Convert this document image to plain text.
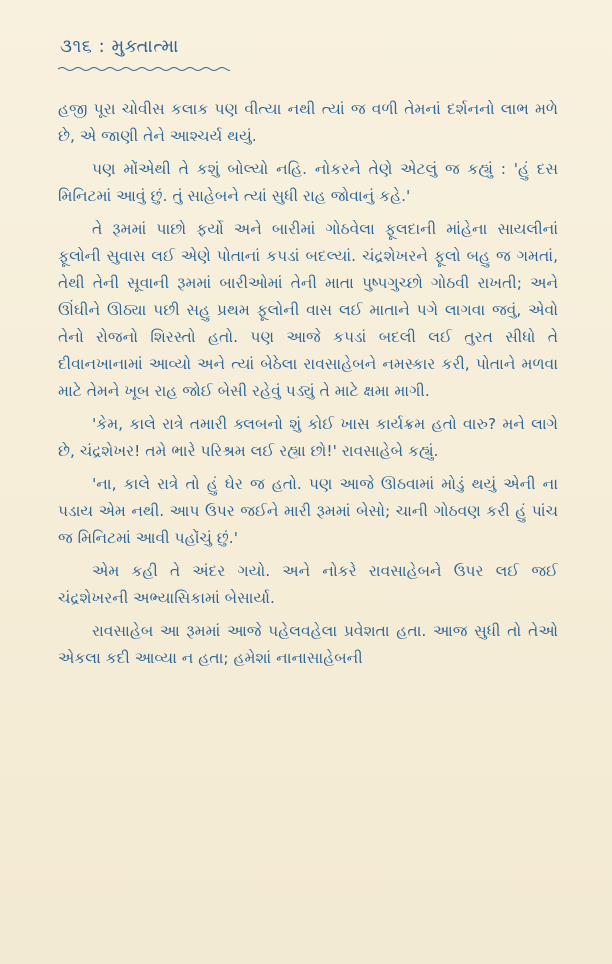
૩૧૬ : મુક્તાત્મા

હજી પૂરા ચોવીસ કલાક પણ વીત્યા નથી ત્યાં જ વળી તેમનાં દર્શનનો લાભ મળે છે, એ જાણી તેને આશ્ચર્ય થયું.

પણ મોંએથી તે કશું બોલ્યો નહિ. નોકરને તેણે એટલું જ કહ્યું : 'હું દસ મિનિટમાં આવું છું. તું સાહેબને ત્યાં સુધી રાહ જોવાનું કહે.'

તે રૂમમાં પાછો ફર્યો અને બારીમાં ગોઠવેલા ફૂલદાની માંહેના સાયલીનાં ફૂલોની સુવાસ લઈ એણે પોતાનાં કપડાં બદલ્યાં. ચંદ્રશેખરને ફૂલો બહુ જ ગમતાં, તેથી તેની સૂવાની રૂમમાં બારીઓમાં તેની માતા પુષ્પગુચ્છો ગોઠવી રાખતી; અને ઊંઘીને ઊઠ્યા પછી સહુ પ્રથમ ફૂલોની વાસ લઈ માતાને પગે લાગવા જવું, એવો તેનો રોજનો શિરસ્તો હતો. પણ આજે કપડાં બદલી લઈ તુરત સીધો તે દીવાનખાનામાં આવ્યો અને ત્યાં બેઠેલા રાવસાહેબને નમસ્કાર કરી, પોતાને મળવા માટે તેમને ખૂબ રાહ જોઈ બેસી રહેવું પડ્યું તે માટે ક્ષમા માગી.

'કેમ, કાલે રાત્રે તમારી ક્લબનો શું કોઈ ખાસ કાર્યક્રમ હતો વારુ? મને લાગે છે, ચંદ્રશેખર! તમે ભારે પરિશ્રમ લઈ રહ્યા છો!' રાવસાહેબે કહ્યું.

'ના, કાલે રાત્રે તો હું ઘેર જ હતો. પણ આજે ઊઠવામાં મોડું થયું એની ના પડાય એમ નથી. આપ ઉપર જઈને મારી રૂમમાં બેસો; ચાની ગોઠવણ કરી હું પાંચ જ મિનિટમાં આવી પહોંચું છું.'

એમ કહી તે અંદર ગયો. અને નોકરે રાવસાહેબને ઉપર લઈ જઈ ચંદ્રશેખરની અભ્યાસિકામાં બેસાર્યા.

રાવસાહેબ આ રૂમમાં આજે પહેલવહેલા પ્રવેશતા હતા. આજ સુધી તો તેઓ એકલા કદી આવ્યા ન હતા; હમેશાં નાનાસાહેબની
